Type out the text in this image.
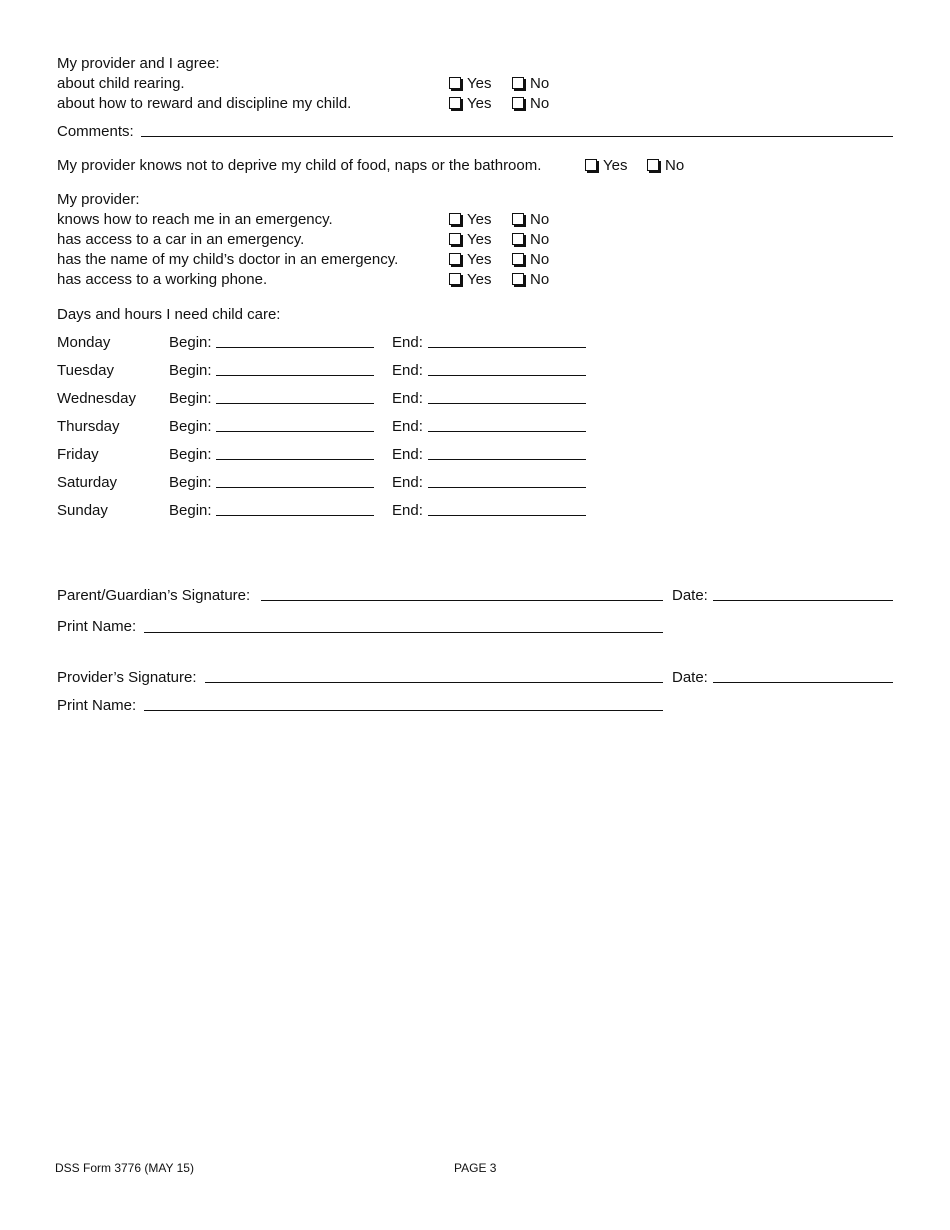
My provider and I agree:
about child rearing.	Yes	No
about how to reward and discipline my child.	Yes	No
Comments:
My provider knows not to deprive my child of food, naps or the bathroom.	Yes	No
My provider:
knows how to reach me in an emergency.	Yes	No
has access to a car in an emergency.	Yes	No
has the name of my child’s doctor in an emergency.	Yes	No
has access to a working phone.	Yes	No
Days and hours I need child care:
Monday	Begin:	End:
Tuesday	Begin:	End:
Wednesday Begin:	End:
Thursday	Begin:	End:
Friday	Begin:	End:
Saturday	Begin:	End:
Sunday	Begin:	End:
Parent/Guardian’s Signature:	Date:
Print Name:
Provider’s Signature:	Date:
Print Name:
DSS Form 3776 (MAY 15)	PAGE 3
